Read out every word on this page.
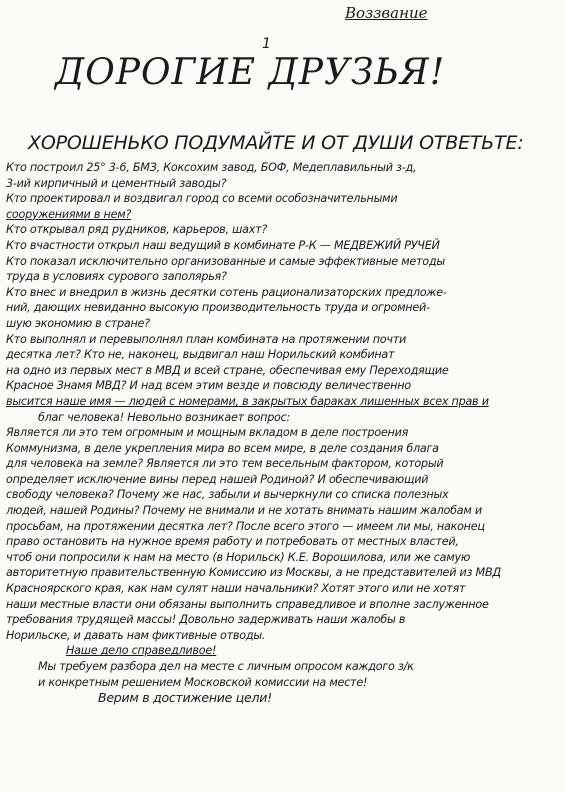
Воззвание
1
ДОРОГИЕ ДРУЗЬЯ!
ХОРОШЕНЬКО ПОДУМАЙТЕ И ОТ ДУШИ ОТВЕТЬТЕ:
Кто построил 25° 3-6, БМЗ, Коксохим завод, БОФ, Медеплавильный з-д,
3-ий кирпичный и цементный заводы?
Кто проектировал и воздвигал город со всеми особозначительными
сооружениями в нем?
Кто открывал ряд рудников, карьеров, шахт?
Кто вчастности открыл наш ведущий в комбинате Р-К — МЕДВЕЖИЙ РУЧЕЙ
Кто показал исключительно организованные и самые эффективные методы
труда в условиях сурового заполярья?
Кто внес и внедрил в жизнь десятки сотень рационализаторских предложе-
ний, дающих невиданно высокую производительность труда и огромней-
шую экономию в стране?
Кто выполнял и перевыполнял план комбината на протяжении почти
десятка лет? Кто не, наконец, выдвигал наш Норильский комбинат
на одно из первых мест в МВД и всей стране, обеспечивая ему Переходящие
Красное Знамя МВД? И над всем этим везде и повсюду величественно
высится наше имя — людей с номерами, в закрытых бараках лишенных всех прав и
благ человека! Невольно возникает вопрос:
Является ли это тем огромным и мощным вкладом в деле построения
Коммунизма, в деле укрепления мира во всем мире, в деле создания блага
для человека на земле? Является ли это тем весельным фактором, который
определяет исключение вины перед нашей Родиной? И обеспечивающий
свободу человека? Почему же нас, забыли и вычеркнули со списка полезных
людей, нашей Родины? Почему не внимали и не хотать внимать нашим жалобам и
просьбам, на протяжении десятка лет? После всего этого — имеем ли мы, наконец
право остановить на нужное время работу и потребовать от местных властей,
чтоб они попросили к нам на место (в Норильск) К.Е. Ворошилова, или же самую
авторитетную правительственную Комиссию из Москвы, а не представителей из МВД
Красноярского края, как нам сулят наши начальники? Хотят этого или не хотят
наши местные власти они обязаны выполнить справедливое и вполне заслуженное
требования трудящей массы! Довольно задерживать наши жалобы в
Норильске, и давать нам фиктивные отводы.
Наше дело справедливое!
Мы требуем разбора дел на месте с личным опросом каждого з/к
и конкретным решением Московской комиссии на месте!
Верим в достижение цели!
